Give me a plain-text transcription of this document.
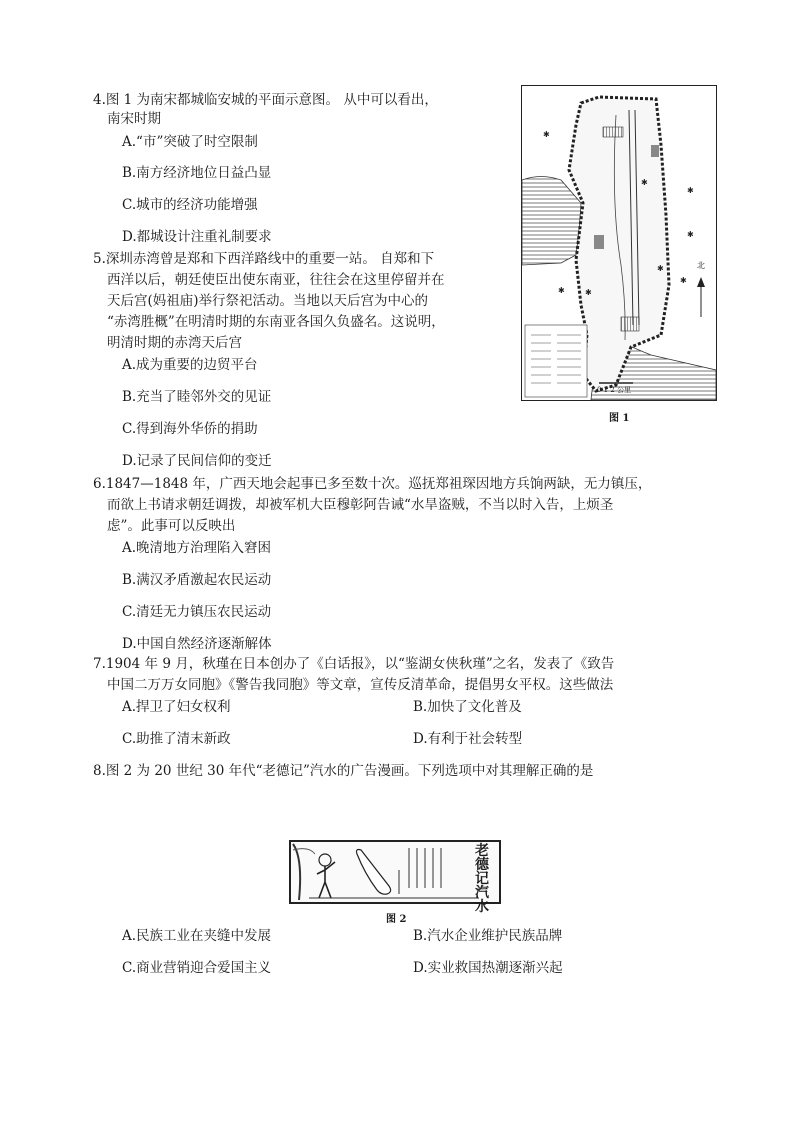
4.图 1 为南宋都城临安城的平面示意图。 从中可以看出，
南宋时期
A.“市”突破了时空限制
B.南方经济地位日益凸显
C.城市的经济功能增强
D.都城设计注重礼制要求
5.深圳赤湾曾是郑和下西洋路线中的重要一站。 自郑和下
西洋以后，朝廷使臣出使东南亚，往往会在这里停留并在
天后宫(妈祖庙)举行祭祀活动。当地以天后宫为中心的
“赤湾胜概”在明清时期的东南亚各国久负盛名。这说明，
明清时期的赤湾天后宫
A.成为重要的边贸平台
B.充当了睦邻外交的见证
C.得到海外华侨的捐助
D.记录了民间信仰的变迁
6.1847—1848 年，广西天地会起事已多至数十次。巡抚郑祖琛因地方兵饷两缺，无力镇压，
而欲上书请求朝廷调拨，却被军机大臣穆彰阿告诫“水旱盗贼，不当以时入告，上烦圣
虑”。此事可以反映出
A.晚清地方治理陷入窘困
B.满汉矛盾激起农民运动
C.清廷无力镇压农民运动
D.中国自然经济逐渐解体
7.1904 年 9 月，秋瑾在日本创办了《白话报》，以“鉴湖女侠秋瑾”之名，发表了《致告
中国二万万女同胞》《警告我同胞》等文章，宣传反清革命，提倡男女平权。这些做法
A.捍卫了妇女权利	B.加快了文化普及
C.助推了清末新政	D.有利于社会转型
8.图 2 为 20 世纪 30 年代“老德记”汽水的广告漫画。下列选项中对其理解正确的是
A.民族工业在夹缝中发展	B.汽水企业维护民族品牌
C.商业营销迎合爱国主义	D.实业救国热潮逐渐兴起
✱
✱
✱
✱
✱
✱
✱
✱
北
0 1 2 公里
图 1
老德记汽水
图 2
